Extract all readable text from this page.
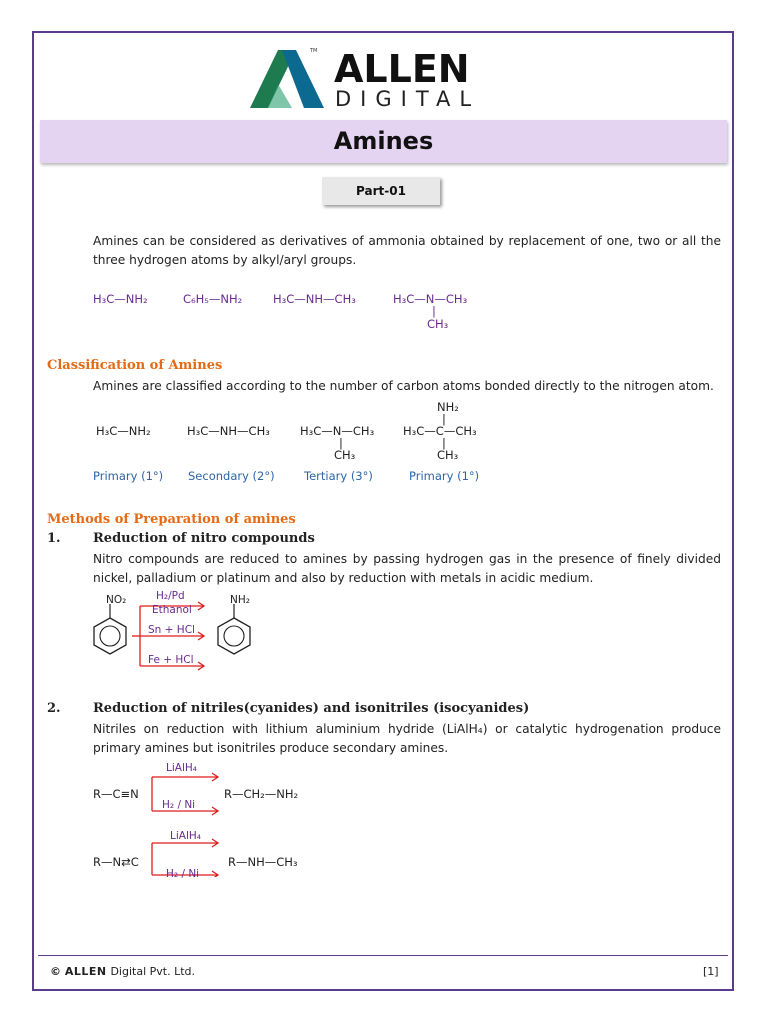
ALLEN
DIGITAL
TM
Amines
Part-01
Amines can be considered as derivatives of ammonia obtained by replacement of one, two or all the three hydrogen atoms by alkyl/aryl groups.
H₃C—NH₂	C₆H₅—NH₂	H₃C—NH—CH₃	H₃C—N—CH₃
|
CH₃
Classification of Amines
Amines are classified according to the number of carbon atoms bonded directly to the nitrogen atom.
H₃C—NH₂	H₃C—NH—CH₃	H₃C—N—CH₃
|
CH₃
NH₂
|
H₃C—C—CH₃
|
CH₃
Primary (1°) Secondary (2°)	Tertiary (3°)	Primary (1°)
Methods of Preparation of amines
1. Reduction of nitro compounds
Nitro compounds are reduced to amines by passing hydrogen gas in the presence of finely divided nickel, palladium or platinum and also by reduction with metals in acidic medium.
NO₂	NH₂
H₂/Pd
Ethanol
Sn + HCl
Fe + HCl
2. Reduction of nitriles(cyanides) and isonitriles (isocyanides)
Nitriles on reduction with lithium aluminium hydride (LiAlH₄) or catalytic hydrogenation produce primary amines but isonitriles produce secondary amines.
R—C≡N	R—CH₂—NH₂
LiAlH₄
H₂ / Ni
R—N⇄C	R—NH—CH₃
LiAlH₄
H₂ / Ni
© ALLEN Digital Pvt. Ltd.	[1]
